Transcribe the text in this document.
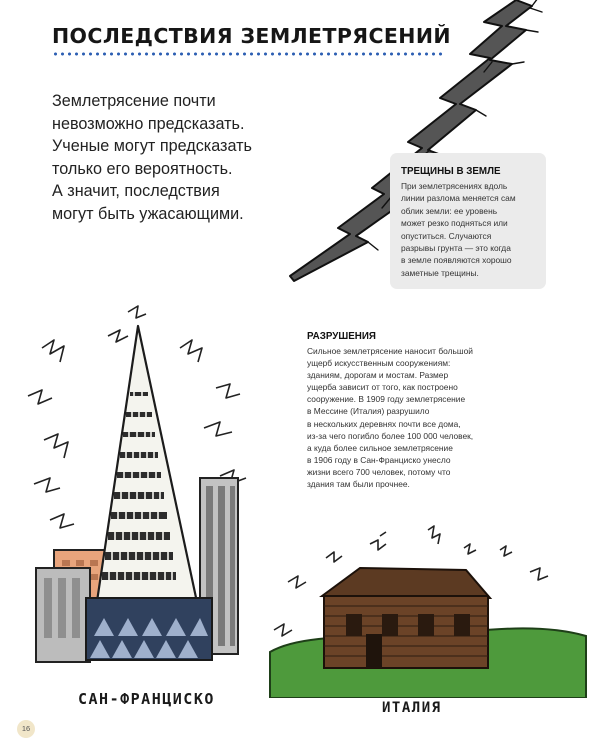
ПОСЛЕДСТВИЯ ЗЕМЛЕТРЯСЕНИЙ

Землетрясение почти
невозможно предсказать.
Ученые могут предсказать
только его вероятность.
А значит, последствия
могут быть ужасающими.

ТРЕЩИНЫ В ЗЕМЛЕ

При землетрясениях вдоль
линии разлома меняется сам
облик земли: ее уровень
может резко подняться или
опуститься. Случаются
разрывы грунта — это когда
в земле появляются хорошо
заметные трещины.

РАЗРУШЕНИЯ

Сильное землетрясение наносит большой
ущерб искусственным сооружениям:
зданиям, дорогам и мостам. Размер
ущерба зависит от того, как построено
сооружение. В 1909 году землетрясение
в Мессине (Италия) разрушило
в нескольких деревнях почти все дома,
из-за чего погибло более 100 000 человек,
а куда более сильное землетрясение
в 1906 году в Сан-Франциско унесло
жизни всего 700 человек, потому что
здания там были прочнее.

САН-ФРАНЦИСКО	ИТАЛИЯ
16
